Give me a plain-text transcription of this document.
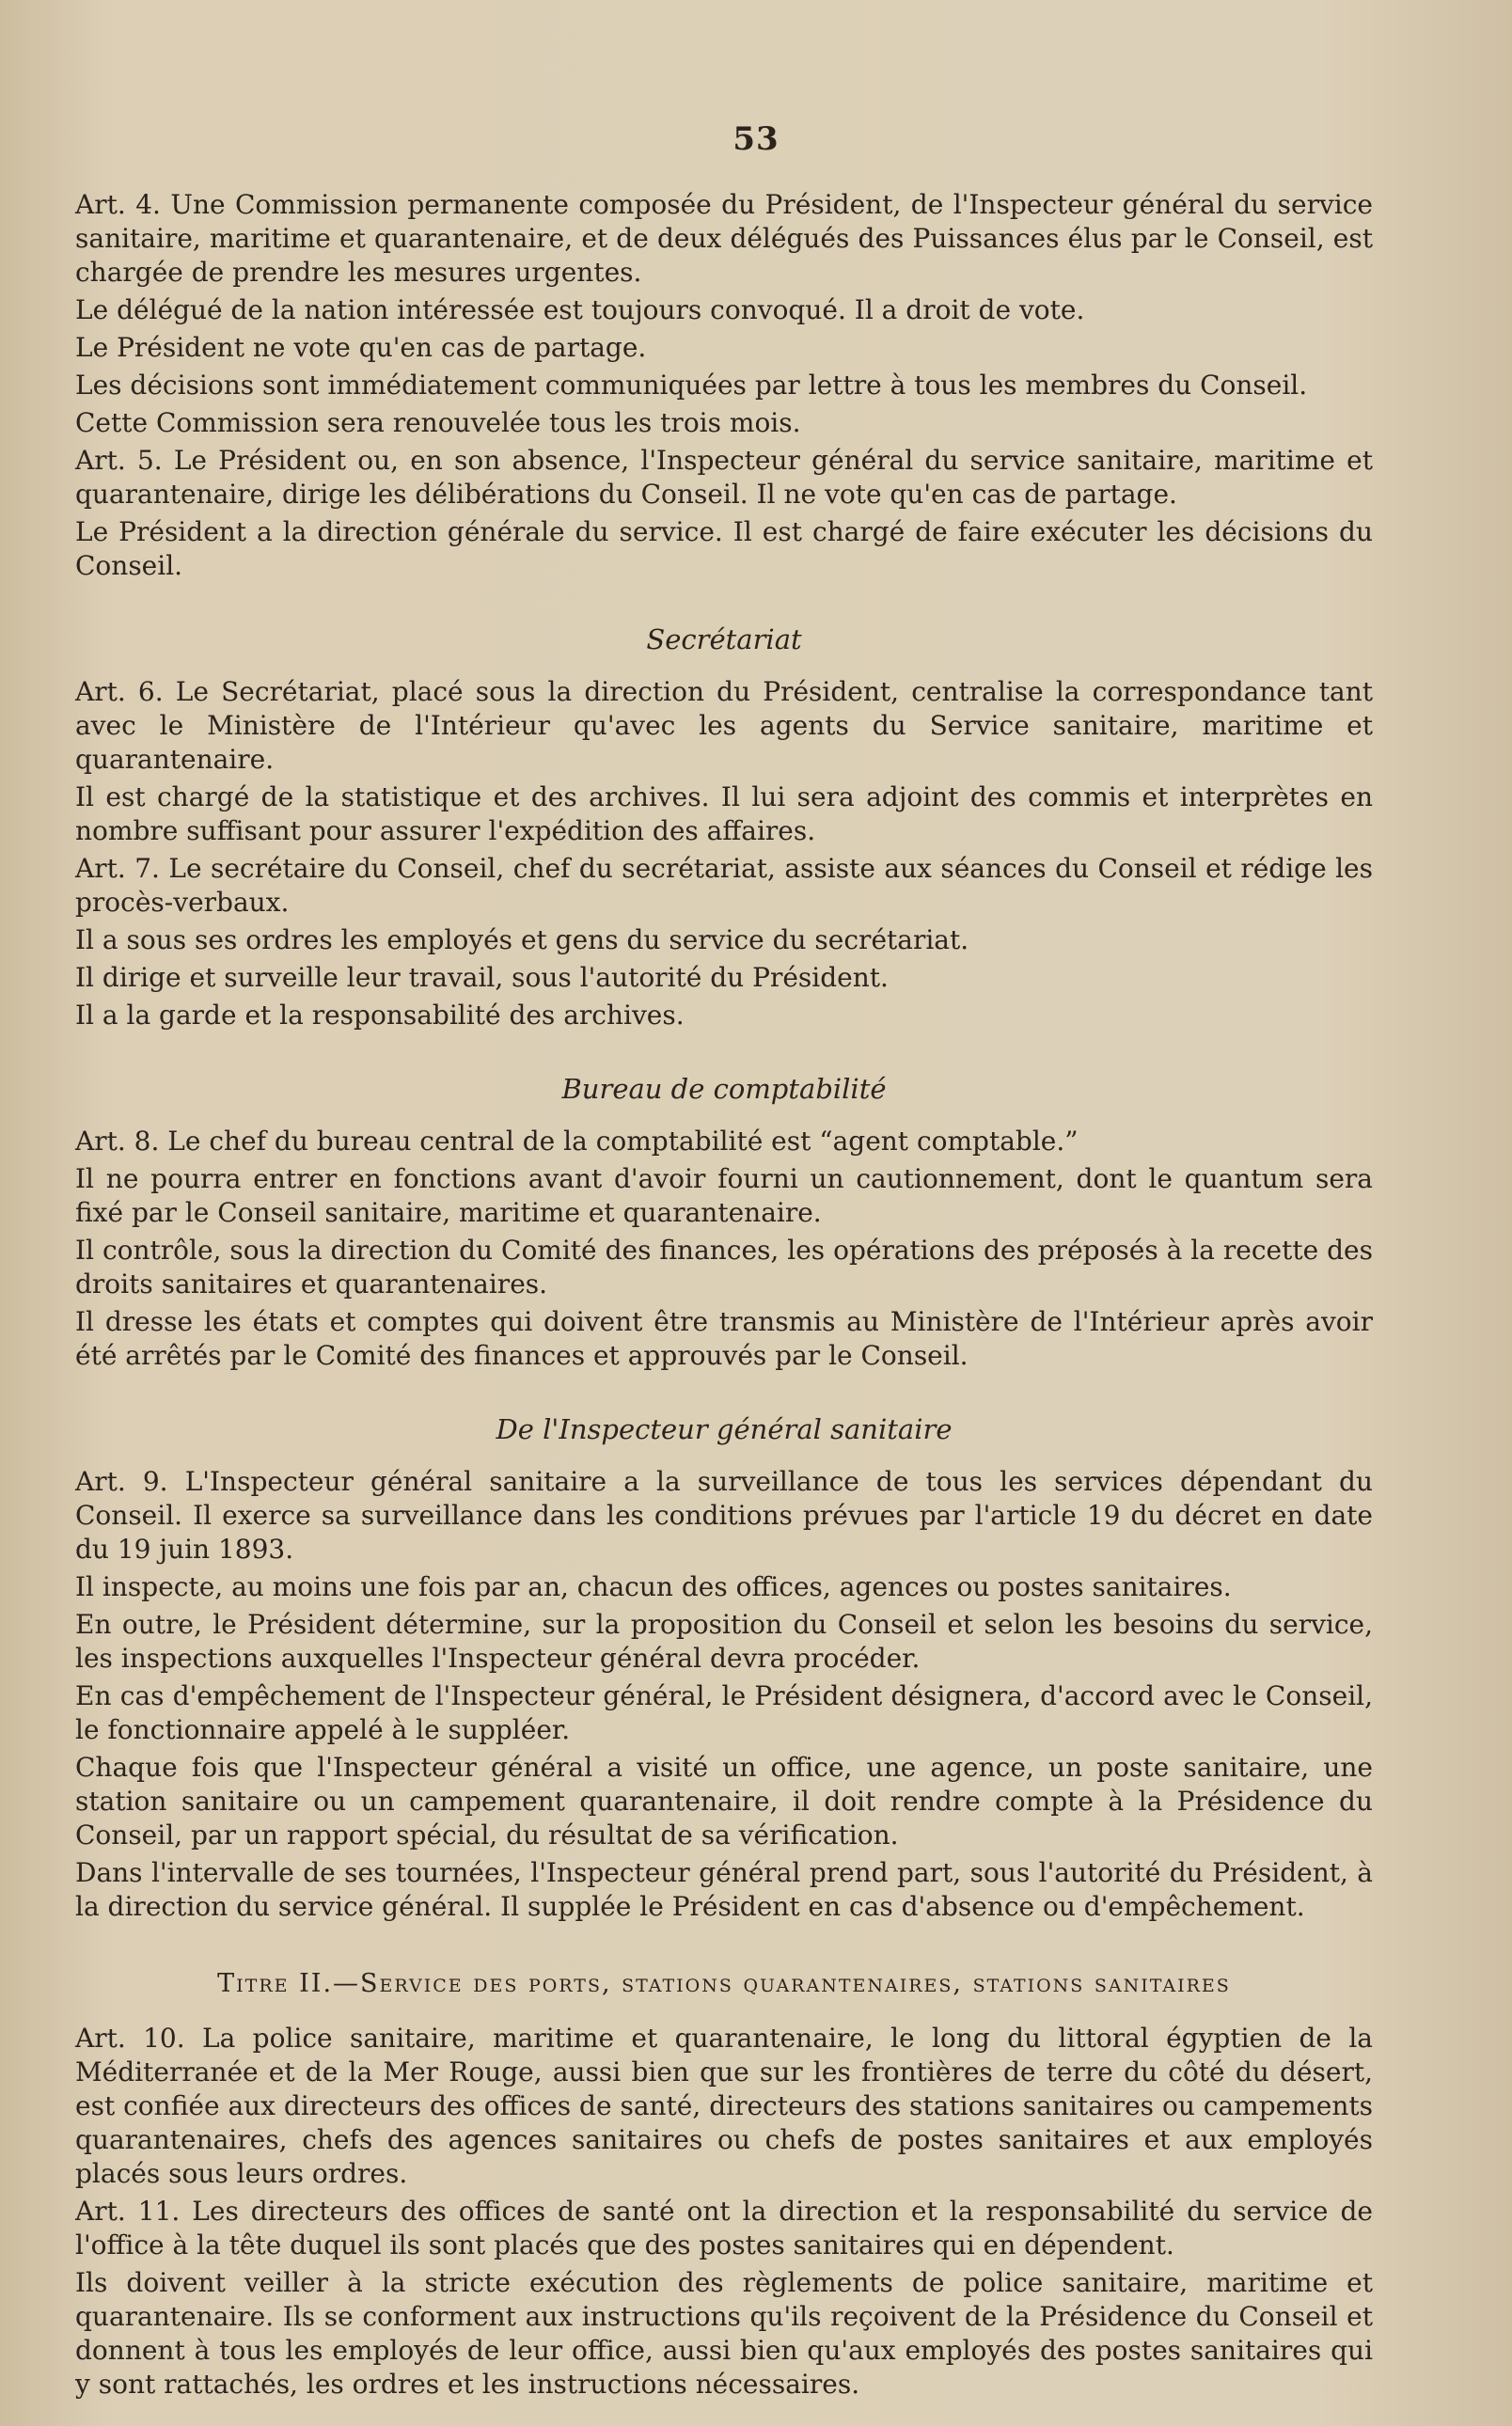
53

Art. 4. Une Commission permanente composée du Président, de l'Inspecteur général du service sanitaire, maritime et quarantenaire, et de deux délégués des Puissances élus par le Conseil, est chargée de prendre les mesures urgentes.

Le délégué de la nation intéressée est toujours convoqué. Il a droit de vote.

Le Président ne vote qu'en cas de partage.

Les décisions sont immédiatement communiquées par lettre à tous les membres du Conseil.

Cette Commission sera renouvelée tous les trois mois.

Art. 5. Le Président ou, en son absence, l'Inspecteur général du service sanitaire, maritime et quarantenaire, dirige les délibérations du Conseil. Il ne vote qu'en cas de partage.

Le Président a la direction générale du service. Il est chargé de faire exécuter les décisions du Conseil.

Secrétariat

Art. 6. Le Secrétariat, placé sous la direction du Président, centralise la correspondance tant avec le Ministère de l'Intérieur qu'avec les agents du Service sanitaire, maritime et quarantenaire.

Il est chargé de la statistique et des archives. Il lui sera adjoint des commis et interprètes en nombre suffisant pour assurer l'expédition des affaires.

Art. 7. Le secrétaire du Conseil, chef du secrétariat, assiste aux séances du Conseil et rédige les procès-verbaux.

Il a sous ses ordres les employés et gens du service du secrétariat.

Il dirige et surveille leur travail, sous l'autorité du Président.

Il a la garde et la responsabilité des archives.

Bureau de comptabilité

Art. 8. Le chef du bureau central de la comptabilité est “agent comptable.”

Il ne pourra entrer en fonctions avant d'avoir fourni un cautionnement, dont le quantum sera fixé par le Conseil sanitaire, maritime et quarantenaire.

Il contrôle, sous la direction du Comité des finances, les opérations des préposés à la recette des droits sanitaires et quarantenaires.

Il dresse les états et comptes qui doivent être transmis au Ministère de l'Intérieur après avoir été arrêtés par le Comité des finances et approuvés par le Conseil.

De l'Inspecteur général sanitaire

Art. 9. L'Inspecteur général sanitaire a la surveillance de tous les services dépendant du Conseil. Il exerce sa surveillance dans les conditions prévues par l'article 19 du décret en date du 19 juin 1893.

Il inspecte, au moins une fois par an, chacun des offices, agences ou postes sanitaires.

En outre, le Président détermine, sur la proposition du Conseil et selon les besoins du service, les inspections auxquelles l'Inspecteur général devra procéder.

En cas d'empêchement de l'Inspecteur général, le Président désignera, d'accord avec le Conseil, le fonctionnaire appelé à le suppléer.

Chaque fois que l'Inspecteur général a visité un office, une agence, un poste sanitaire, une station sanitaire ou un campement quarantenaire, il doit rendre compte à la Présidence du Conseil, par un rapport spécial, du résultat de sa vérification.

Dans l'intervalle de ses tournées, l'Inspecteur général prend part, sous l'autorité du Président, à la direction du service général. Il supplée le Président en cas d'absence ou d'empêchement.

Titre II.—Service des ports, stations quarantenaires, stations sanitaires

Art. 10. La police sanitaire, maritime et quarantenaire, le long du littoral égyptien de la Méditerranée et de la Mer Rouge, aussi bien que sur les frontières de terre du côté du désert, est confiée aux directeurs des offices de santé, directeurs des stations sanitaires ou campements quarantenaires, chefs des agences sanitaires ou chefs de postes sanitaires et aux employés placés sous leurs ordres.

Art. 11. Les directeurs des offices de santé ont la direction et la responsabilité du service de l'office à la tête duquel ils sont placés que des postes sanitaires qui en dépendent.

Ils doivent veiller à la stricte exécution des règlements de police sanitaire, maritime et quarantenaire. Ils se conforment aux instructions qu'ils reçoivent de la Présidence du Conseil et donnent à tous les employés de leur office, aussi bien qu'aux employés des postes sanitaires qui y sont rattachés, les ordres et les instructions nécessaires.
